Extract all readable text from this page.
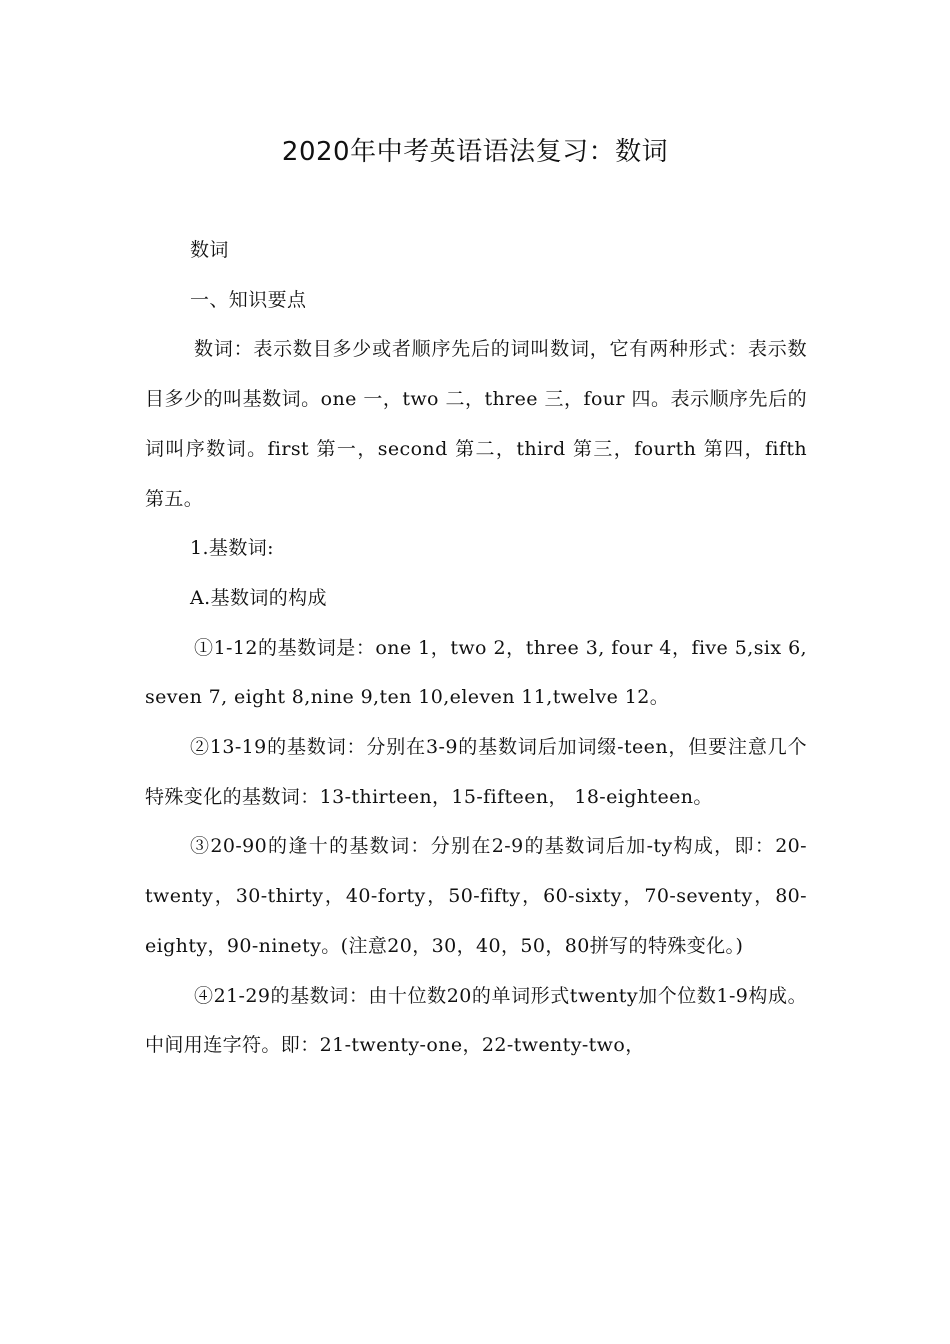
2020年中考英语语法复习：数词

数词

一、知识要点

数词：表示数目多少或者顺序先后的词叫数词，它有两种形式：表示数目多少的叫基数词。one 一，two 二，three 三，four 四。表示顺序先后的词叫序数词。first 第一，second 第二，third 第三，fourth 第四，fifth 第五。

1.基数词:

A.基数词的构成

①1-12的基数词是：one 1，two 2，three 3, four 4，five 5,six 6, seven 7, eight 8,nine 9,ten 10,eleven 11,twelve 12。

②13-19的基数词：分别在3-9的基数词后加词缀-teen，但要注意几个特殊变化的基数词：13-thirteen，15-fifteen， 18-eighteen。

③20-90的逢十的基数词：分别在2-9的基数词后加-ty构成，即：20-twenty，30-thirty，40-forty，50-fifty，60-sixty，70-seventy，80-eighty，90-ninety。(注意20，30，40，50，80拼写的特殊变化。)

④21-29的基数词：由十位数20的单词形式twenty加个位数1-9构成。中间用连字符。即：21-twenty-one，22-twenty-two，
